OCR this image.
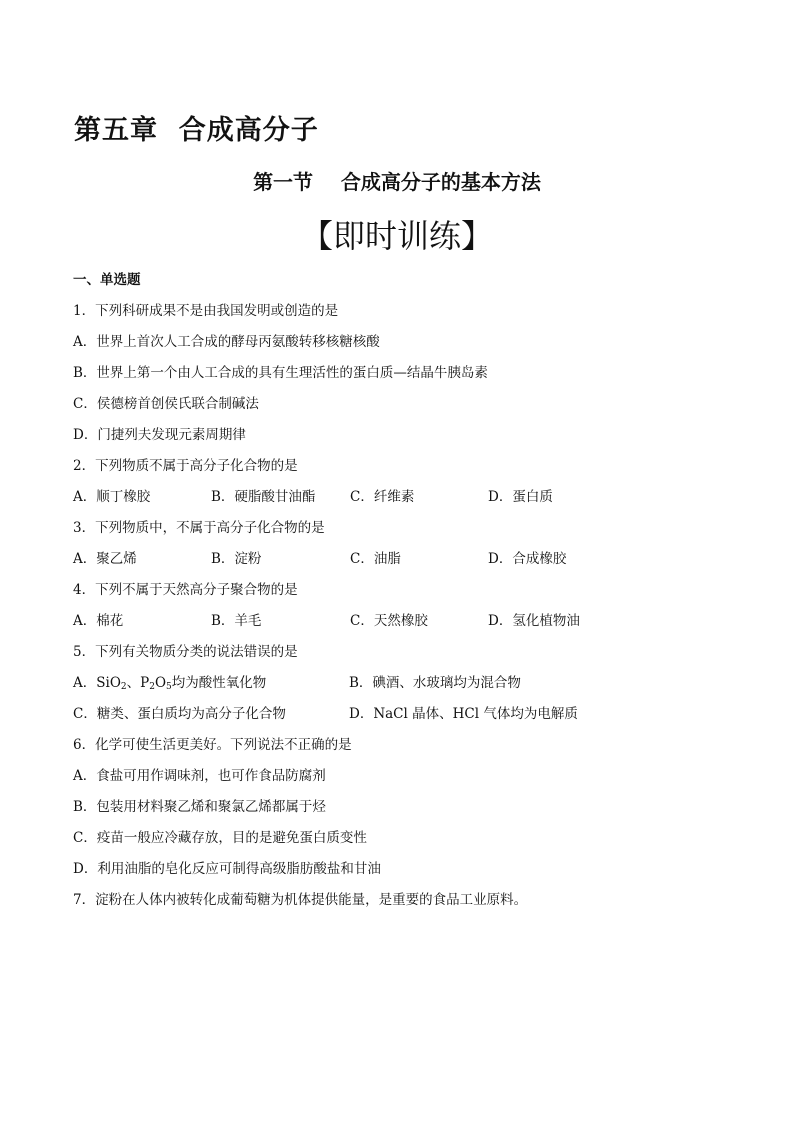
第五章  合成高分子
第一节    合成高分子的基本方法
【即时训练】
一、单选题
1．下列科研成果不是由我国发明或创造的是
A．世界上首次人工合成的酵母丙氨酸转移核糖核酸
B．世界上第一个由人工合成的具有生理活性的蛋白质—结晶牛胰岛素
C．侯德榜首创侯氏联合制碱法
D．门捷列夫发现元素周期律
2．下列物质不属于高分子化合物的是
A．顺丁橡胶	B．硬脂酸甘油酯	C．纤维素	D．蛋白质
3．下列物质中，不属于高分子化合物的是
A．聚乙烯	B．淀粉	C．油脂	D．合成橡胶
4．下列不属于天然高分子聚合物的是
A．棉花	B．羊毛	C．天然橡胶	D．氢化植物油
5．下列有关物质分类的说法错误的是
A．SiO$_2$、$P_2O_5$均为酸性氧化物	B．碘酒、水玻璃均为混合物
C．糖类、蛋白质均为高分子化合物	D．NaCl 晶体、HCl 气体均为电解质
6．化学可使生活更美好。下列说法不正确的是
A．食盐可用作调味剂，也可作食品防腐剂
B．包装用材料聚乙烯和聚氯乙烯都属于烃
C．疫苗一般应冷藏存放，目的是避免蛋白质变性
D．利用油脂的皂化反应可制得高级脂肪酸盐和甘油
7．淀粉在人体内被转化成葡萄糖为机体提供能量，是重要的食品工业原料。
